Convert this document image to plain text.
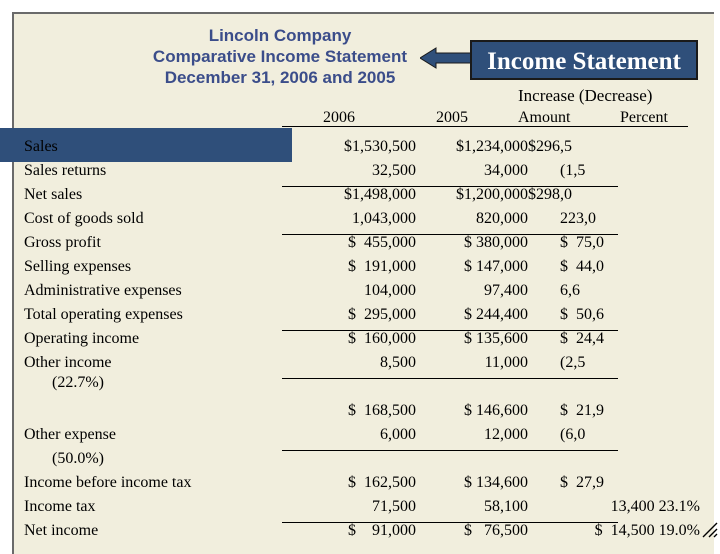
Lincoln Company
Comparative Income Statement
December 31, 2006 and 2005
Income Statement
Increase (Decrease)
2006	2005	Amount	Percent
Sales	$1,530,500	$1,234,000 $296,5
Sales returns	32,500	34,000 (1,5
Net sales	$1,498,000	$1,200,000 $298,0
Cost of goods sold	1,043,000	820,000 223,0
Gross profit	$  455,000	$ 380,000 $  75,0
Selling expenses	$  191,000	$ 147,000 $  44,0
Administrative expenses	104,000	97,400 6,6
Total operating expenses	$  295,000	$ 244,400 $  50,6
Operating income	$  160,000	$ 135,600 $  24,4
Other income	8,500	11,000 (2,5
(22.7%)
$  168,500	$ 146,600 $  21,9
Other expense	6,000	12,000 (6,0
(50.0%)
Income before income tax	$  162,500	$ 134,600 $  27,9
Income tax	71,500	58,100	13,400 23.1%
Net income	$    91,000	$   76,500	$  14,500 19.0%
